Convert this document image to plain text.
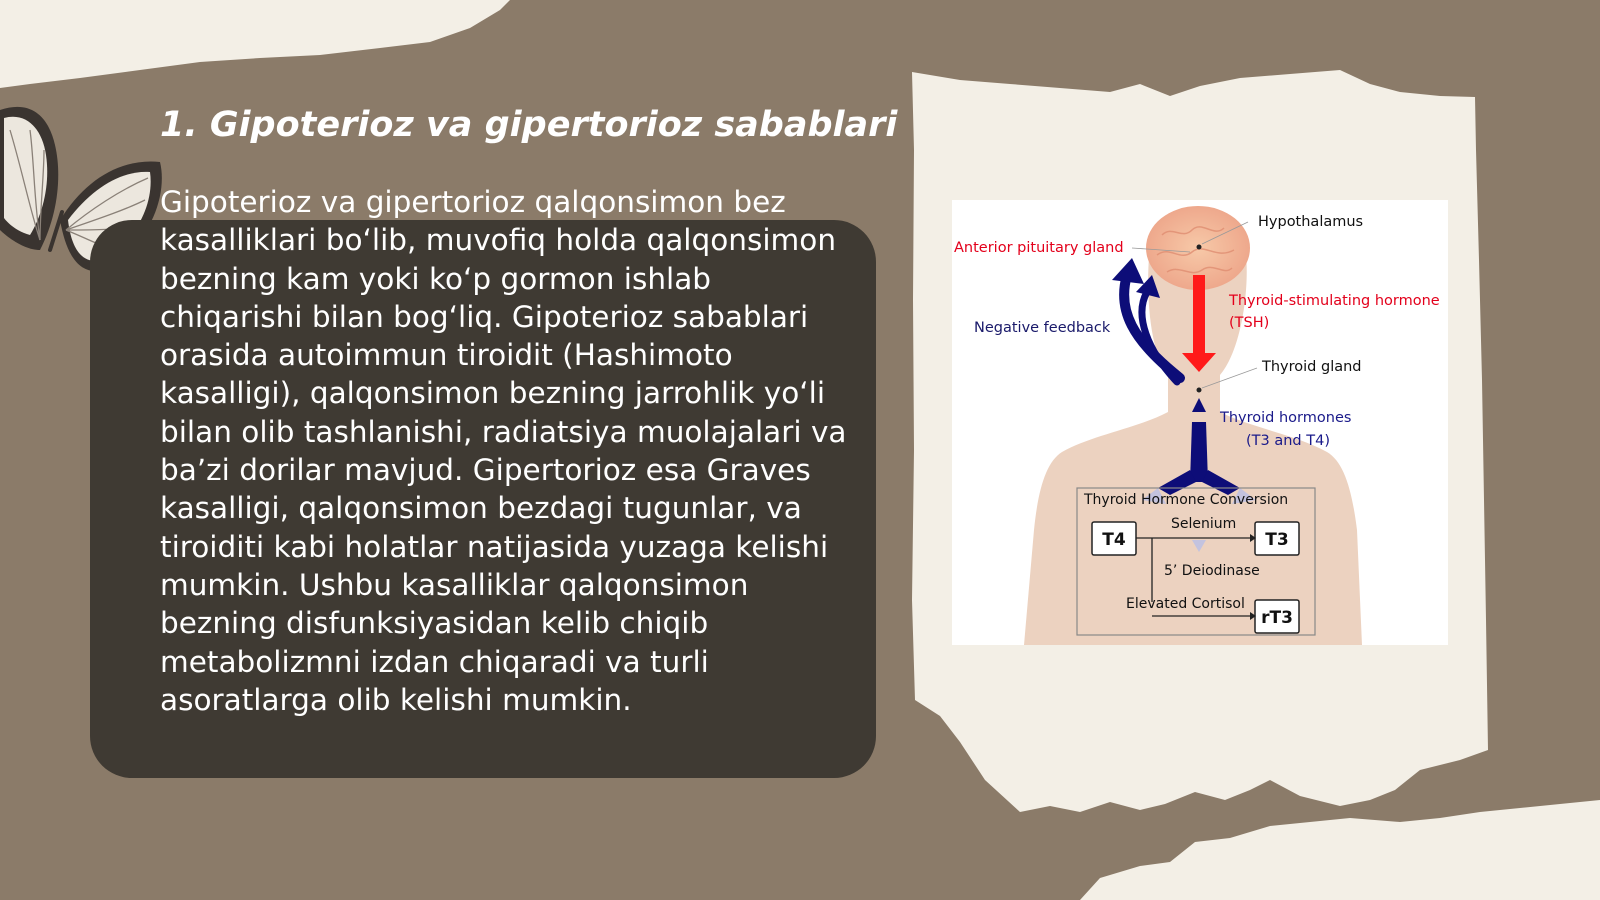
1. Gipoterioz va gipertorioz sabablari

Gipoterioz va gipertorioz qalqonsimon bez kasalliklari bo‘lib, muvofiq holda qalqonsimon bezning kam yoki ko‘p gormon ishlab chiqarishi bilan bog‘liq. Gipoterioz sabablari orasida autoimmun tiroidit (Hashimoto kasalligi), qalqonsimon bezning jarrohlik yo‘li bilan olib tashlanishi, radiatsiya muolajalari va ba’zi dorilar mavjud. Gipertorioz esa Graves kasalligi, qalqonsimon bezdagi tugunlar, va tiroiditi kabi holatlar natijasida yuzaga kelishi mumkin. Ushbu kasalliklar qalqonsimon bezning disfunksiyasidan kelib chiqib metabolizmni izdan chiqaradi va turli asoratlarga olib kelishi mumkin.

Hypothalamus
Anterior pituitary gland
Thyroid-stimulating hormone
(TSH)
Negative feedback
Thyroid gland
Thyroid hormones
(T3 and T4)
Thyroid Hormone Conversion
T4	T3
rT3
Selenium
5’ Deiodinase
Elevated Cortisol
